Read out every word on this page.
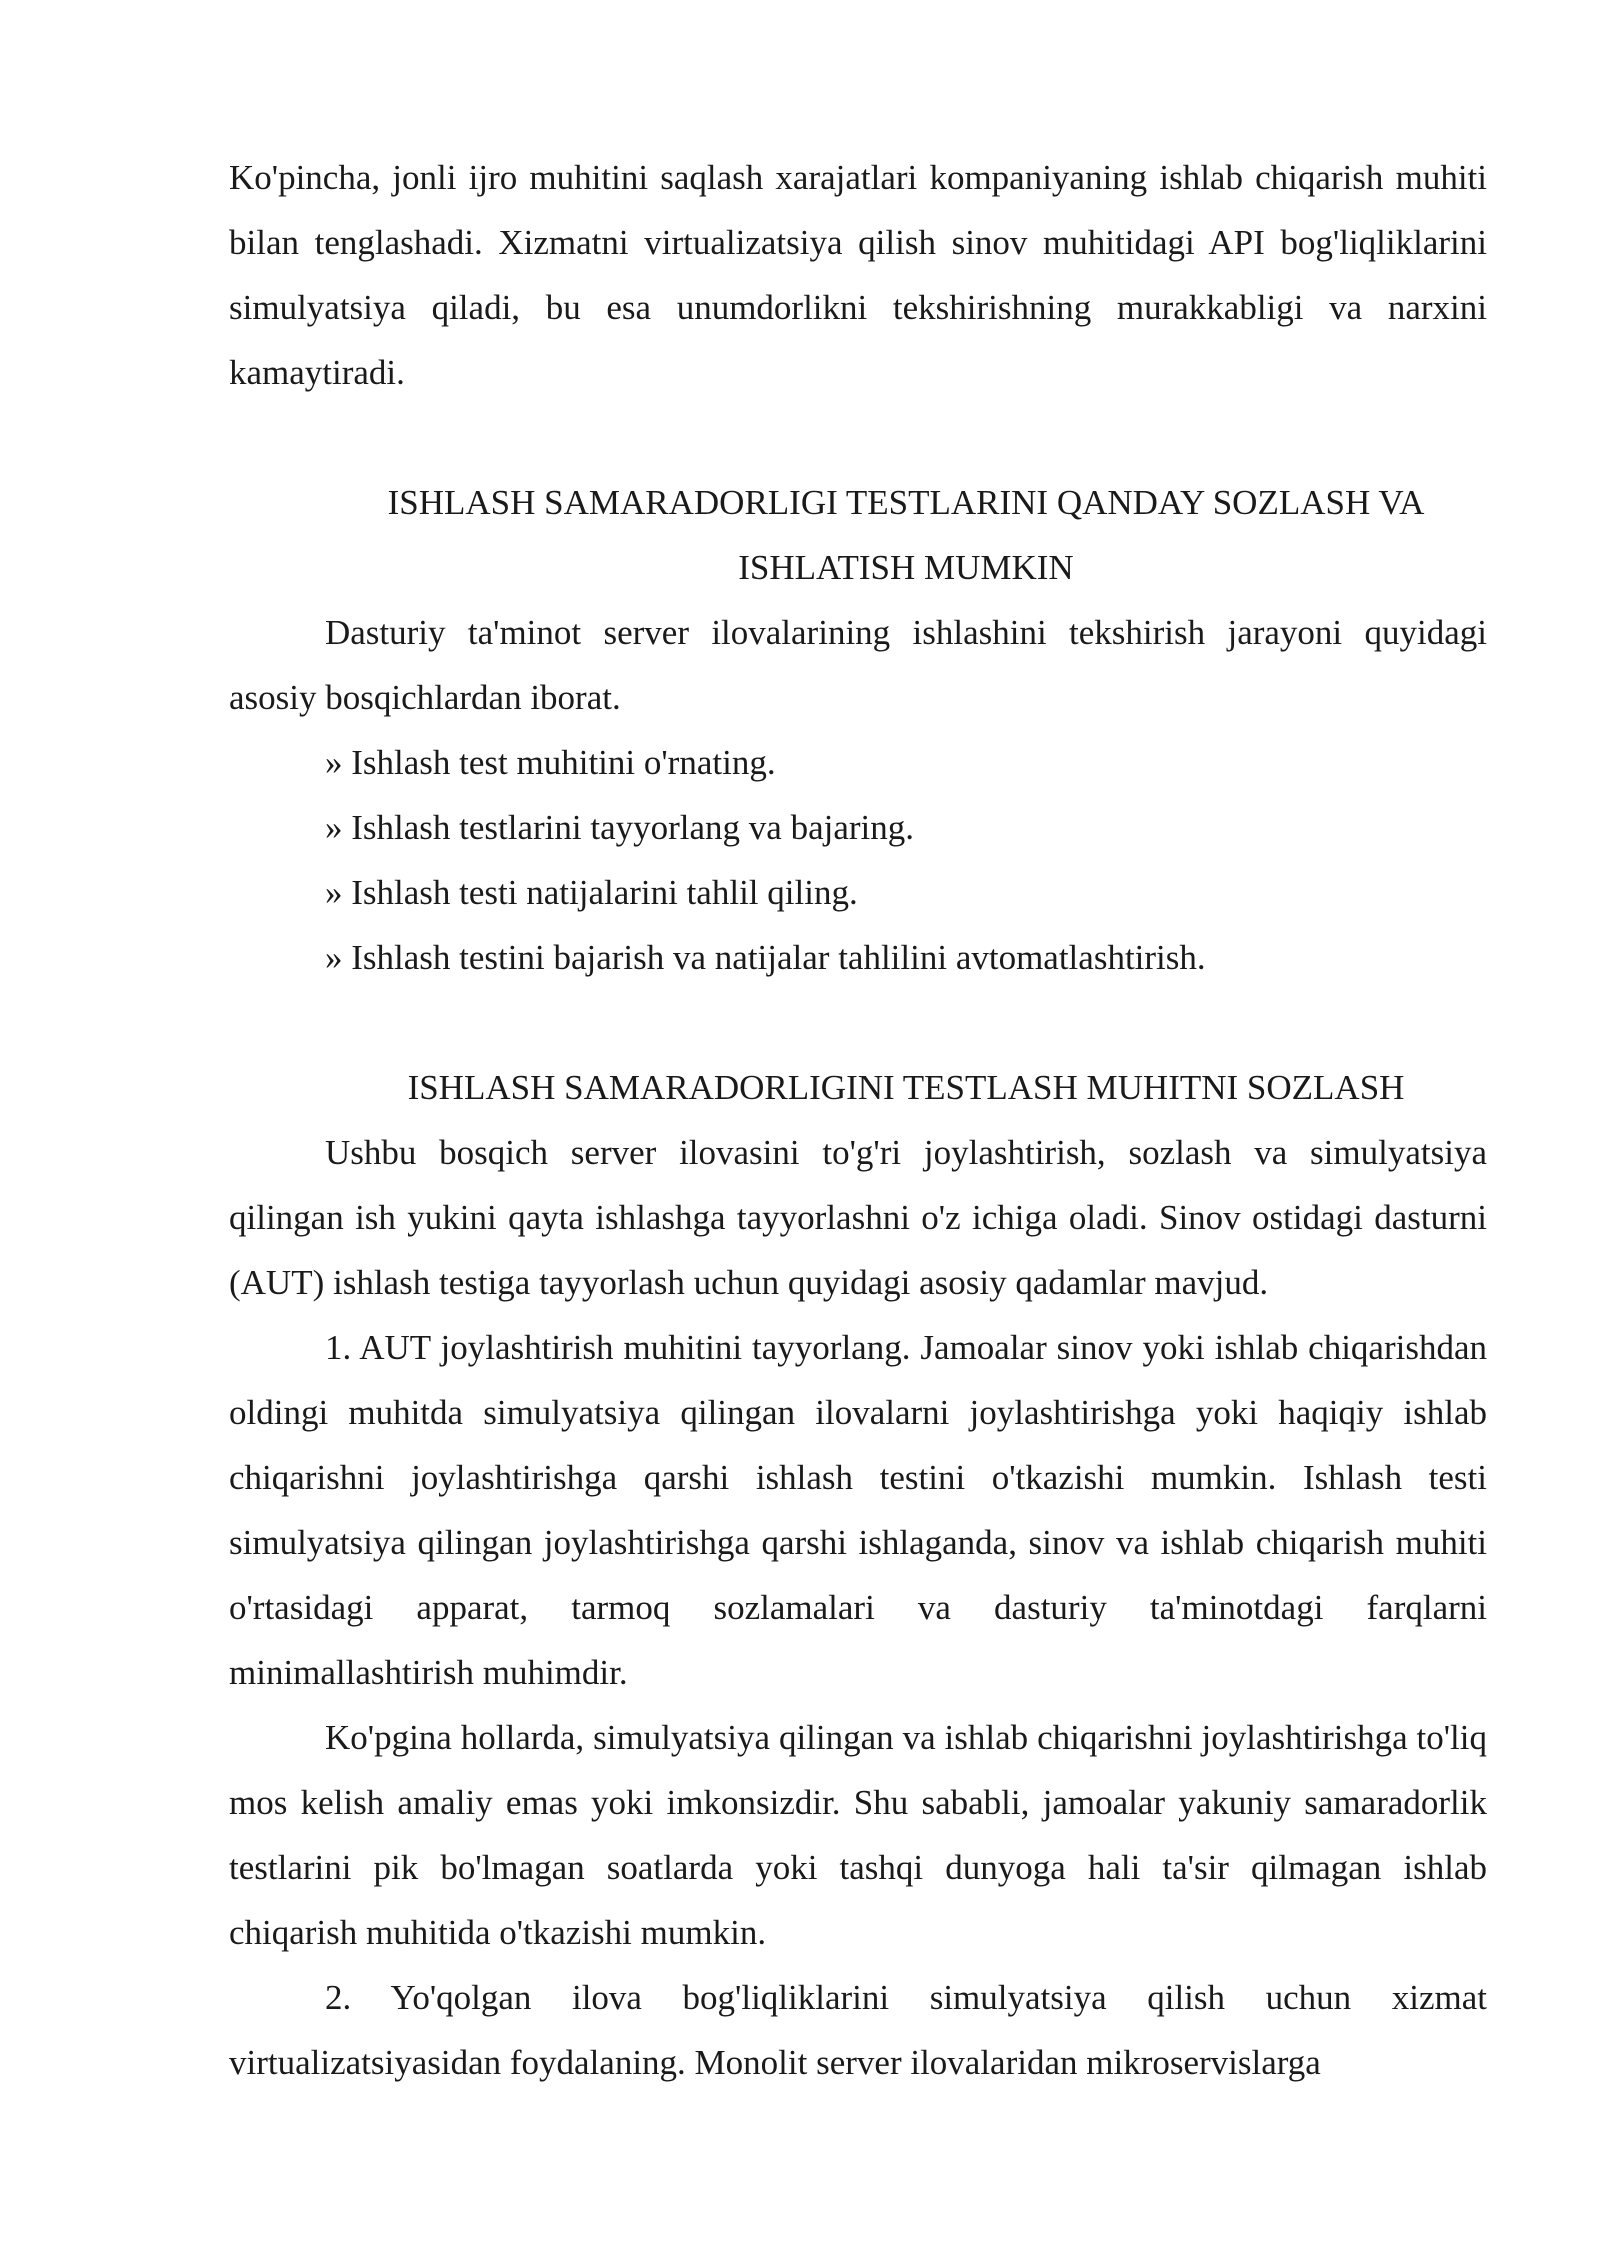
Ko'pincha, jonli ijro muhitini saqlash xarajatlari kompaniyaning ishlab chiqarish muhiti bilan tenglashadi. Xizmatni virtualizatsiya qilish sinov muhitidagi API bog'liqliklarini simulyatsiya qiladi, bu esa unumdorlikni tekshirishning murakkabligi va narxini kamaytiradi.

ISHLASH SAMARADORLIGI TESTLARINI QANDAY SOZLASH VA
ISHLATISH MUMKIN

Dasturiy ta'minot server ilovalarining ishlashini tekshirish jarayoni quyidagi asosiy bosqichlardan iborat.

» Ishlash test muhitini o'rnating.

» Ishlash testlarini tayyorlang va bajaring.

» Ishlash testi natijalarini tahlil qiling.

» Ishlash testini bajarish va natijalar tahlilini avtomatlashtirish.

ISHLASH SAMARADORLIGINI TESTLASH MUHITNI SOZLASH

Ushbu bosqich server ilovasini to'g'ri joylashtirish, sozlash va simulyatsiya qilingan ish yukini qayta ishlashga tayyorlashni o'z ichiga oladi. Sinov ostidagi dasturni (AUT) ishlash testiga tayyorlash uchun quyidagi asosiy qadamlar mavjud.

1. AUT joylashtirish muhitini tayyorlang. Jamoalar sinov yoki ishlab chiqarishdan oldingi muhitda simulyatsiya qilingan ilovalarni joylashtirishga yoki haqiqiy ishlab chiqarishni joylashtirishga qarshi ishlash testini o'tkazishi mumkin. Ishlash testi simulyatsiya qilingan joylashtirishga qarshi ishlaganda, sinov va ishlab chiqarish muhiti o'rtasidagi apparat, tarmoq sozlamalari va dasturiy ta'minotdagi farqlarni minimallashtirish muhimdir.

Ko'pgina hollarda, simulyatsiya qilingan va ishlab chiqarishni joylashtirishga to'liq mos kelish amaliy emas yoki imkonsizdir. Shu sababli, jamoalar yakuniy samaradorlik testlarini pik bo'lmagan soatlarda yoki tashqi dunyoga hali ta'sir qilmagan ishlab chiqarish muhitida o'tkazishi mumkin.

2. Yo'qolgan ilova bog'liqliklarini simulyatsiya qilish uchun xizmat virtualizatsiyasidan foydalaning. Monolit server ilovalaridan mikroservislarga
